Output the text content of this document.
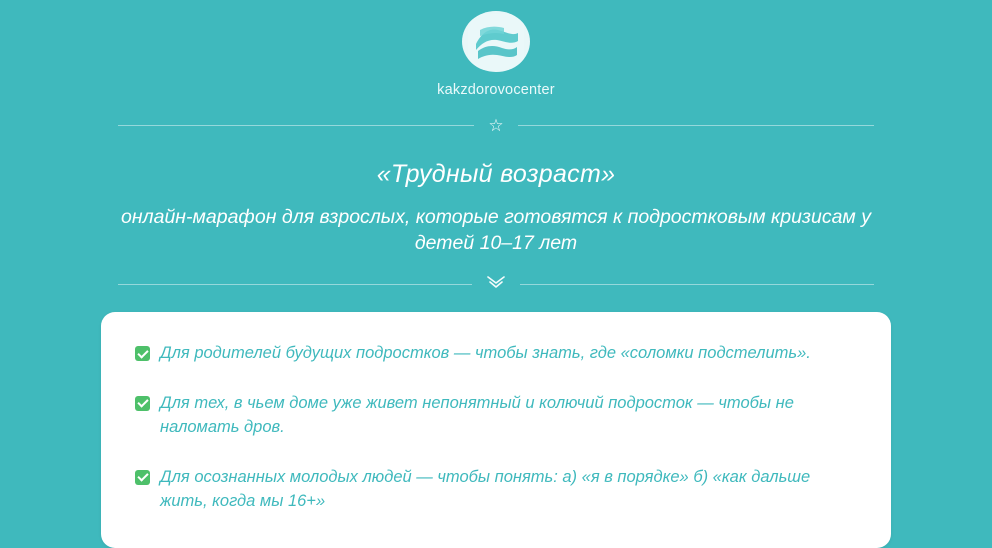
kakzdorovocenter
☆
«Трудный возраст»
онлайн-марафон для взрослых, которые готовятся к подростковым кризисам у детей 10–17 лет
Для родителей будущих подростков — чтобы знать, где «соломки подстелить».
Для тех, в чьем доме уже живет непонятный и колючий подросток — чтобы не наломать дров.
Для осознанных молодых людей — чтобы понять: а) «я в порядке» б) «как дальше жить, когда мы 16+»
